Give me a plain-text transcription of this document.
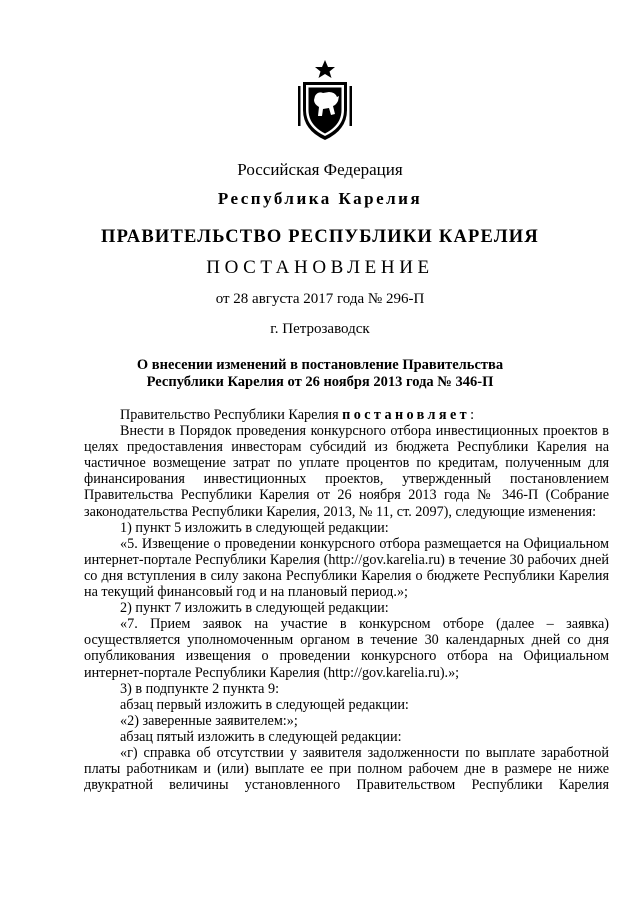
Российская Федерация
Республика Карелия
ПРАВИТЕЛЬСТВО РЕСПУБЛИКИ КАРЕЛИЯ
ПОСТАНОВЛЕНИЕ
от 28 августа 2017 года № 296-П
г. Петрозаводск
О внесении изменений в постановление Правительства
Республики Карелия от 26 ноября 2013 года № 346-П

Правительство Республики Карелия постановляет:

Внести в Порядок проведения конкурсного отбора инвестиционных проектов в целях предоставления инвесторам субсидий из бюджета Республики Карелия на частичное возмещение затрат по уплате процентов по кредитам, полученным для финансирования инвестиционных проектов, утвержденный постановлением Правительства Республики Карелия от 26 ноября 2013 года № 346-П (Собрание законодательства Республики Карелия, 2013, № 11, ст. 2097), следующие изменения:

1) пункт 5 изложить в следующей редакции:

«5. Извещение о проведении конкурсного отбора размещается на Официальном интернет-портале Республики Карелия (http://gov.karelia.ru) в течение 30 рабочих дней со дня вступления в силу закона Республики Карелия о бюджете Республики Карелия на текущий финансовый год и на плановый период.»;

2) пункт 7 изложить в следующей редакции:

«7. Прием заявок на участие в конкурсном отборе (далее – заявка) осуществляется уполномоченным органом в течение 30 календарных дней со дня опубликования извещения о проведении конкурсного отбора на Официальном интернет-портале Республики Карелия (http://gov.karelia.ru).»;

3) в подпункте 2 пункта 9:

абзац первый изложить в следующей редакции:

«2) заверенные заявителем:»;

абзац пятый изложить в следующей редакции:

«г) справка об отсутствии у заявителя задолженности по выплате заработной платы работникам и (или) выплате ее при полном рабочем дне в размере не ниже двукратной величины установленного Правительством Республики Карелия
